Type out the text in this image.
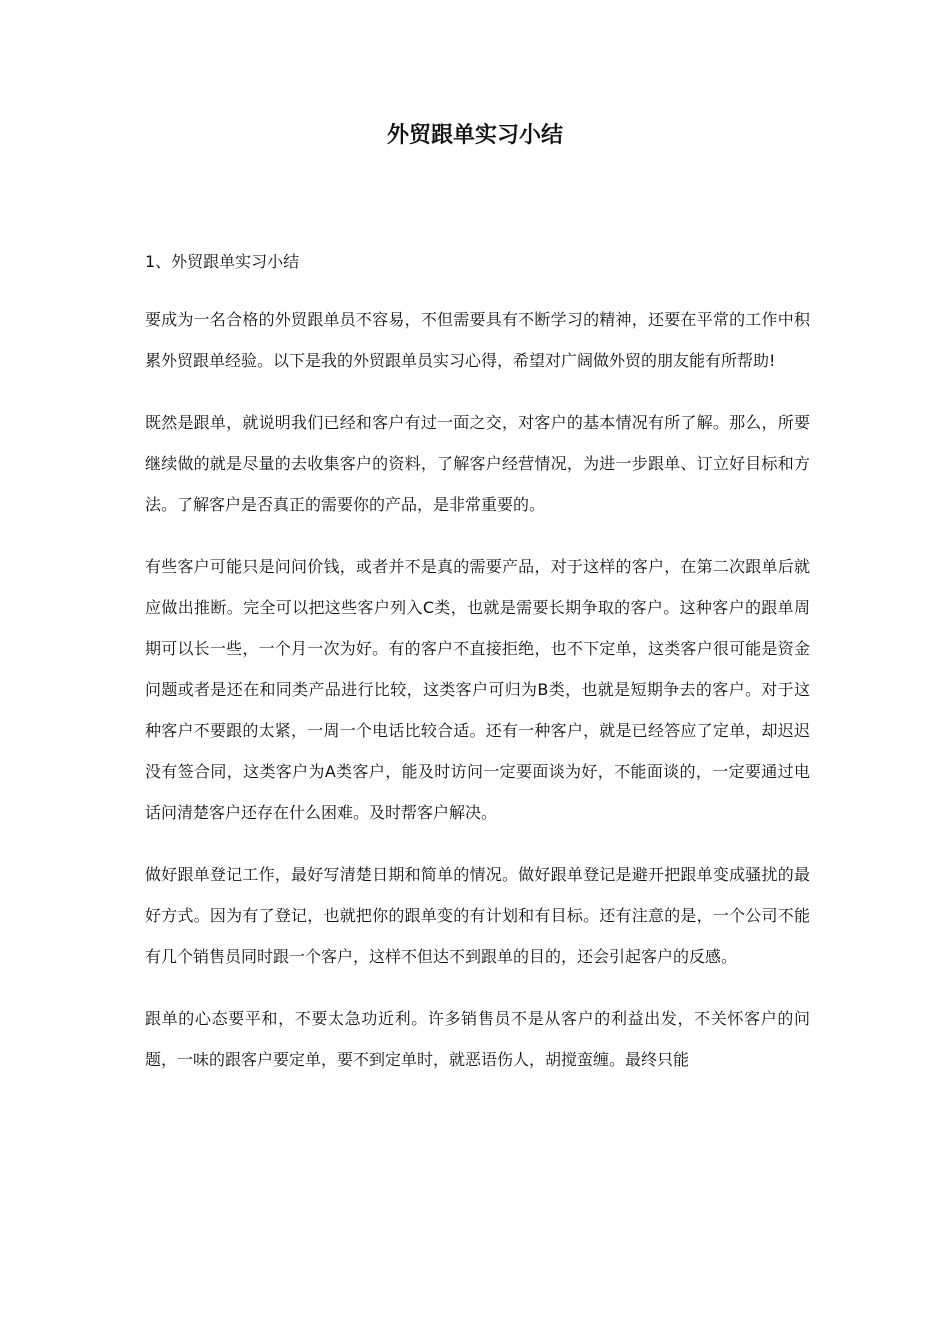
外贸跟单实习小结
1、外贸跟单实习小结

要成为一名合格的外贸跟单员不容易，不但需要具有不断学习的精神，还要在平常的工作中积累外贸跟单经验。以下是我的外贸跟单员实习心得，希望对广阔做外贸的朋友能有所帮助!

既然是跟单，就说明我们已经和客户有过一面之交，对客户的基本情况有所了解。那么，所要继续做的就是尽量的去收集客户的资料，了解客户经营情况，为进一步跟单、订立好目标和方法。了解客户是否真正的需要你的产品，是非常重要的。

有些客户可能只是问问价钱，或者并不是真的需要产品，对于这样的客户，在第二次跟单后就应做出推断。完全可以把这些客户列入C类，也就是需要长期争取的客户。这种客户的跟单周期可以长一些，一个月一次为好。有的客户不直接拒绝，也不下定单，这类客户很可能是资金问题或者是还在和同类产品进行比较，这类客户可归为B类，也就是短期争去的客户。对于这种客户不要跟的太紧，一周一个电话比较合适。还有一种客户，就是已经答应了定单，却迟迟没有签合同，这类客户为A类客户，能及时访问一定要面谈为好，不能面谈的，一定要通过电话问清楚客户还存在什么困难。及时帮客户解决。

做好跟单登记工作，最好写清楚日期和简单的情况。做好跟单登记是避开把跟单变成骚扰的最好方式。因为有了登记，也就把你的跟单变的有计划和有目标。还有注意的是，一个公司不能有几个销售员同时跟一个客户，这样不但达不到跟单的目的，还会引起客户的反感。

跟单的心态要平和，不要太急功近利。许多销售员不是从客户的利益出发，不关怀客户的问题，一味的跟客户要定单，要不到定单时，就恶语伤人，胡搅蛮缠。最终只能
